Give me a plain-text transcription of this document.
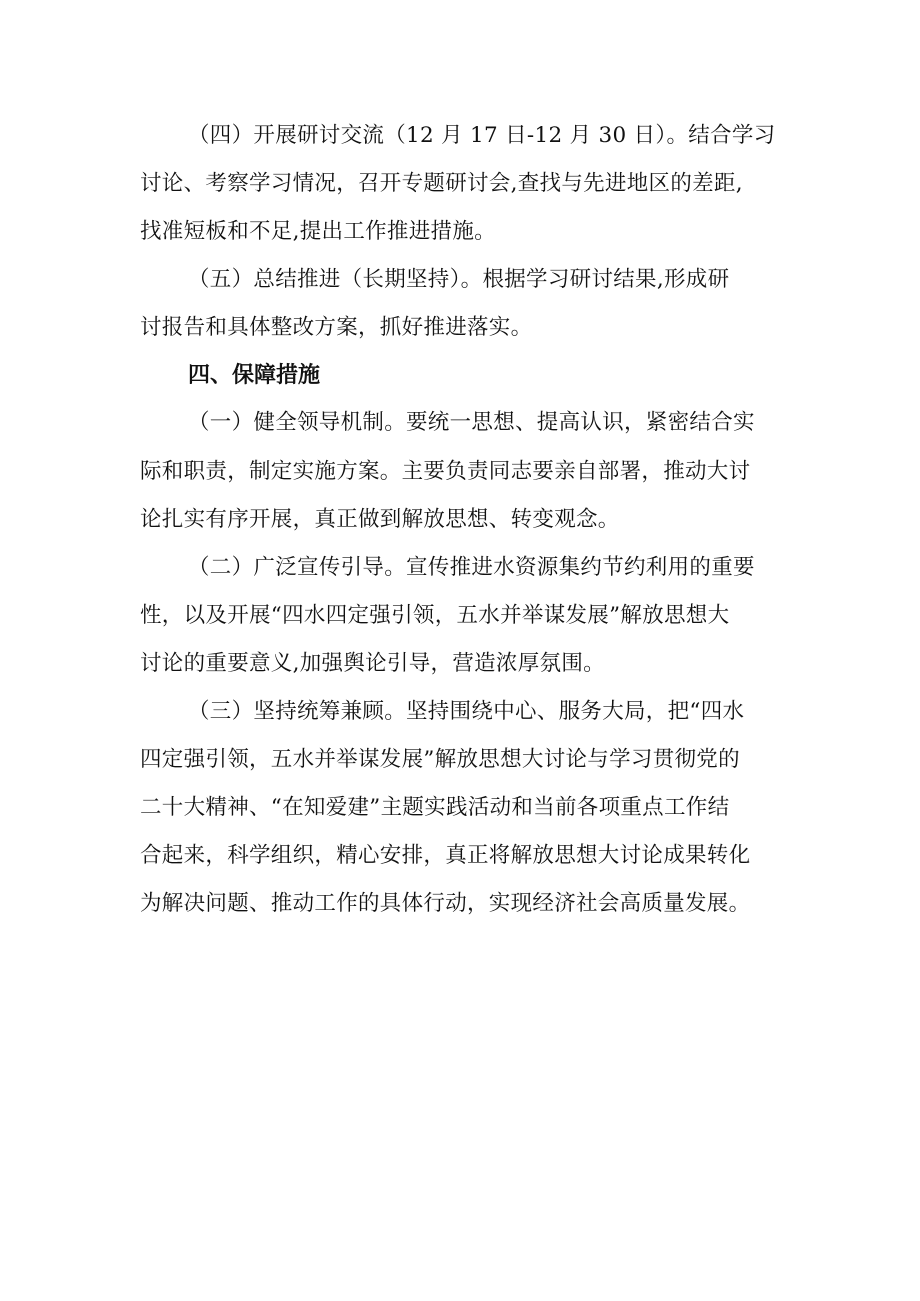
（四）开展研讨交流（12 月 17 日-12 月 30 日）。结合学习
讨论、考察学习情况，召开专题研讨会,查找与先进地区的差距,
找准短板和不足,提出工作推进措施。
（五）总结推进（长期坚持）。根据学习研讨结果,形成研
讨报告和具体整改方案，抓好推进落实。
四、保障措施
（一）健全领导机制。要统一思想、提高认识，紧密结合实
际和职责，制定实施方案。主要负责同志要亲自部署，推动大讨
论扎实有序开展，真正做到解放思想、转变观念。
（二）广泛宣传引导。宣传推进水资源集约节约利用的重要
性，以及开展“四水四定强引领，五水并举谋发展”解放思想大
讨论的重要意义,加强舆论引导，营造浓厚氛围。
（三）坚持统筹兼顾。坚持围绕中心、服务大局，把“四水
四定强引领，五水并举谋发展”解放思想大讨论与学习贯彻党的
二十大精神、“在知爱建”主题实践活动和当前各项重点工作结
合起来，科学组织，精心安排，真正将解放思想大讨论成果转化
为解决问题、推动工作的具体行动，实现经济社会高质量发展。
